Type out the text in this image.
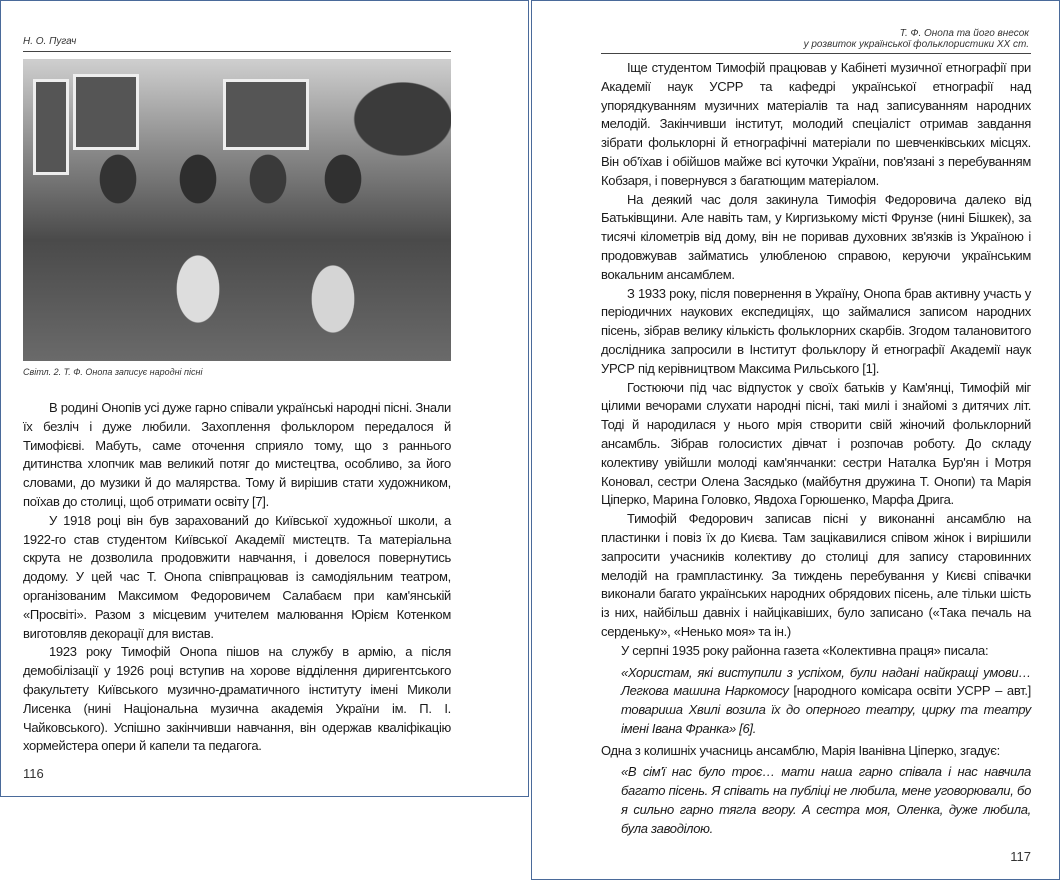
Н. О. Пугач
Світл. 2. Т. Ф. Онопа записує народні пісні

В родині Онопів усі дуже гарно співали українські народні пісні. Знали їх безліч і дуже любили. Захоплення фольклором передалося й Тимофієві. Мабуть, саме оточення сприяло тому, що з раннього дитинства хлопчик мав великий потяг до мистецтва, особливо, за його словами, до музики й до малярства. Тому й вирішив стати художником, поїхав до столиці, щоб отримати освіту [7].

У 1918 році він був зарахований до Київської художньої школи, а 1922-го став студентом Київської Академії мистецтв. Та матеріальна скрута не дозволила продовжити навчання, і довелося повернутись додому. У цей час Т. Онопа співпрацював із самодіяльним театром, організованим Максимом Федоровичем Салабаєм при кам'янській «Просвіті». Разом з місцевим учителем малювання Юрієм Котенком виготовляв декорації для вистав.

1923 року Тимофій Онопа пішов на службу в армію, а після демобілізації у 1926 році вступив на хорове відділення диригентського факультету Київського музично-драматичного інституту імені Миколи Лисенка (нині Національна музична академія України ім. П. І. Чайковського). Успішно закінчивши навчання, він одержав кваліфікацію хормейстера опери й капели та педагога.

116
Т. Ф. Онопа та його внесок
у розвиток української фольклористики XX ст.

Іще студентом Тимофій працював у Кабінеті музичної етнографії при Академії наук УСРР та кафедрі української етнографії над упорядкуванням музичних матеріалів та над записуванням народних мелодій. Закінчивши інститут, молодий спеціаліст отримав завдання зібрати фольклорні й етнографічні матеріали по шевченківських місцях. Він об'їхав і обійшов майже всі куточки України, пов'язані з перебуванням Кобзаря, і повернувся з багатющим матеріалом.

На деякий час доля закинула Тимофія Федоровича далеко від Батьківщини. Але навіть там, у Киргизькому місті Фрунзе (нині Бішкек), за тисячі кілометрів від дому, він не поривав духовних зв'язків із Україною і продовжував займатись улюбленою справою, керуючи українським вокальним ансамблем.

З 1933 року, після повернення в Україну, Онопа брав активну участь у періодичних наукових експедиціях, що займалися записом народних пісень, зібрав велику кількість фольклорних скарбів. Згодом талановитого дослідника запросили в Інститут фольклору й етнографії Академії наук УРСР під керівництвом Максима Рильського [1].

Гостюючи під час відпусток у своїх батьків у Кам'янці, Тимофій міг цілими вечорами слухати народні пісні, такі милі і знайомі з дитячих літ. Тоді й народилася у нього мрія створити свій жіночий фольклорний ансамбль. Зібрав голосистих дівчат і розпочав роботу. До складу колективу увійшли молоді кам'янчанки: сестри Наталка Бур'ян і Мотря Коновал, сестри Олена Засядько (майбутня дружина Т. Онопи) та Марія Ціперко, Марина Головко, Явдоха Горюшенко, Марфа Дрига.

Тимофій Федорович записав пісні у виконанні ансамблю на пластинки і повіз їх до Києва. Там зацікавилися співом жінок і вирішили запросити учасників колективу до столиці для запису старовинних мелодій на грампластинку. За тиждень перебування у Києві співачки виконали багато українських народних обрядових пісень, але тільки шість із них, найбільш давніх і найцікавіших, було записано («Така печаль на серденьку», «Ненько моя» та ін.)

У серпні 1935 року районна газета «Колективна праця» писала:

«Хористам, які виступили з успіхом, були надані найкращі умови… Легкова машина Наркомосу [народного комісара освіти УСРР – авт.] товариша Хвилі возила їх до оперного театру, цирку та театру імені Івана Франка» [6].

Одна з колишніх учасниць ансамблю, Марія Іванівна Ціперко, згадує:

«В сім'ї нас було троє… мати наша гарно співала і нас навчила багато пісень. Я співать на публіці не любила, мене уговорювали, бо я сильно гарно тягла вгору. А сестра моя, Оленка, дуже любила, була заводілою.

117
